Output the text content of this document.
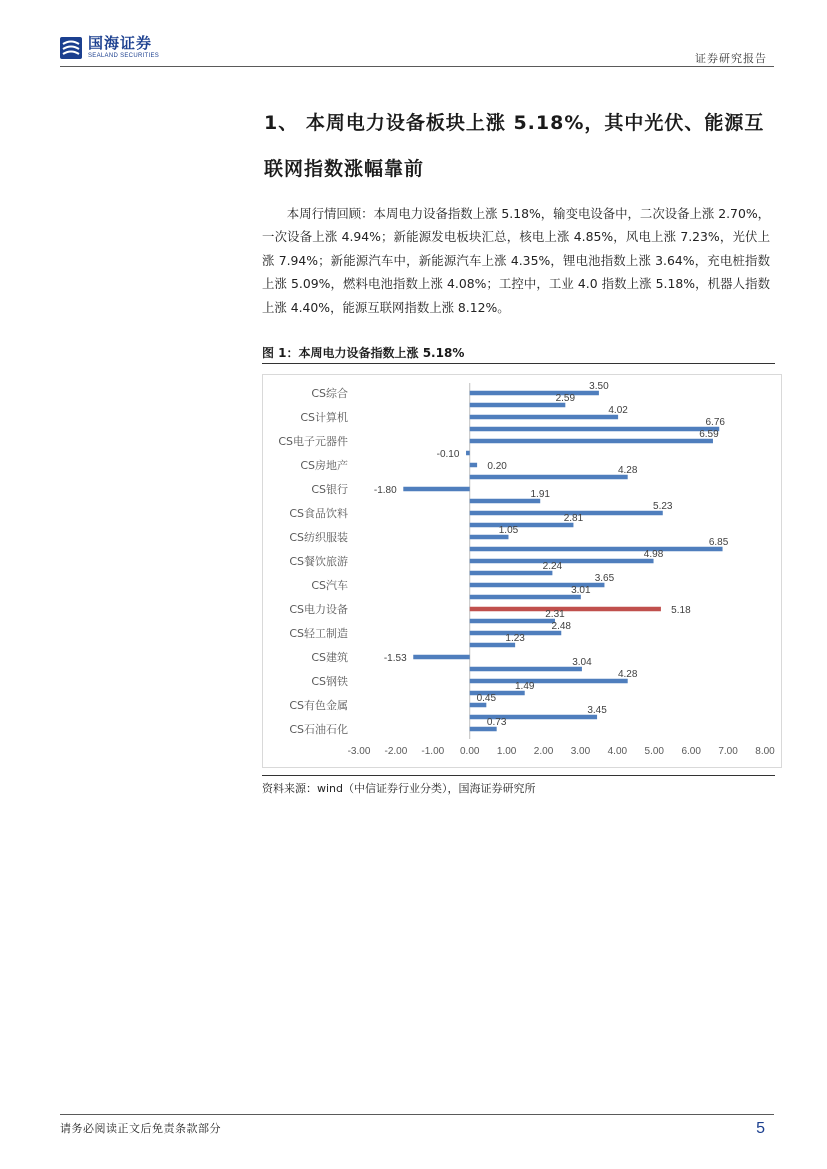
国海证券
SEALAND SECURITIES	证券研究报告
1、 本周电力设备板块上涨 5.18%，其中光伏、能源互联网指数涨幅靠前

本周行情回顾：本周电力设备指数上涨 5.18%，输变电设备中，二次设备上涨 2.70%，一次设备上涨 4.94%；新能源发电板块汇总，核电上涨 4.85%，风电上涨 7.23%，光伏上涨 7.94%；新能源汽车中，新能源汽车上涨 4.35%，锂电池指数上涨 3.64%，充电桩指数上涨 5.09%，燃料电池指数上涨 4.08%；工控中，工业 4.0 指数上涨 5.18%，机器人指数上涨 4.40%，能源互联网指数上涨 8.12%。

图 1：本周电力设备指数上涨 5.18%
3.50
2.59
4.02
6.76
6.59
-0.10
0.20	4.28
-1.80	1.91
5.23
2.81
1.05
6.85
4.98
2.24
3.65
3.01
5.18
2.31
2.48
1.23
-1.53	3.04
4.28
1.49
0.45
3.45
0.73
CS综合
CS计算机
CS电子元器件
CS房地产
CS银行
CS食品饮料
CS纺织服装
CS餐饮旅游
CS汽车
CS电力设备
CS轻工制造
CS建筑
CS钢铁
CS有色金属
CS石油石化
-3.00 -2.00 -1.00 0.00 1.00 2.00 3.00 4.00 5.00 6.00 7.00 8.00
资料来源：wind（中信证券行业分类），国海证券研究所
请务必阅读正文后免责条款部分	5
